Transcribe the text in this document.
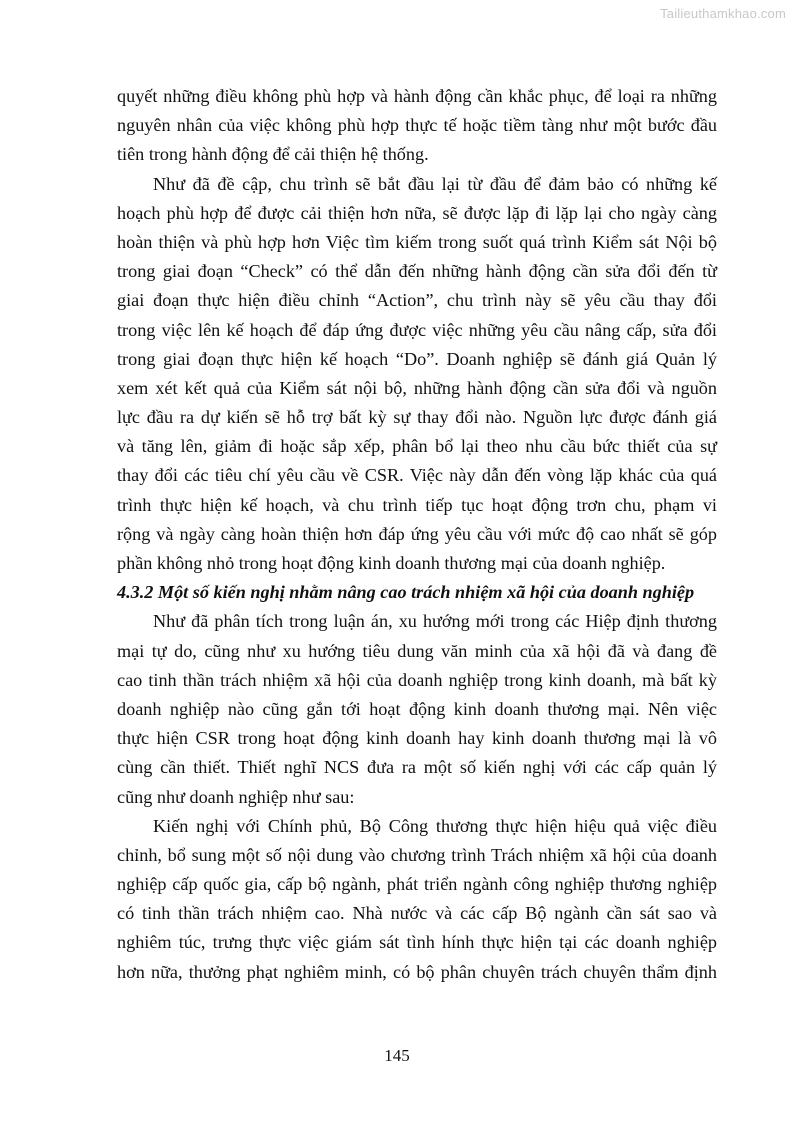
Tailieuthamkhao.com
quyết những điều không phù hợp và hành động cần khắc phục, để loại ra những
nguyên nhân của việc không phù hợp thực tế hoặc tiềm tàng như một bước đầu
tiên trong hành động để cải thiện hệ thống.
Như đã đề cập, chu trình sẽ bắt đầu lại từ đầu để đảm bảo có những kế
hoạch phù hợp để được cải thiện hơn nữa, sẽ được lặp đi lặp lại cho ngày càng
hoàn thiện và phù hợp hơn Việc tìm kiếm trong suốt quá trình Kiểm sát Nội bộ
trong giai đoạn “Check” có thể dẫn đến những hành động cần sửa đổi đến từ
giai đoạn thực hiện điều chỉnh “Action”, chu trình này sẽ yêu cầu thay đổi
trong việc lên kế hoạch để đáp ứng được việc những yêu cầu nâng cấp, sửa đổi
trong giai đoạn thực hiện kế hoạch “Do”. Doanh nghiệp sẽ đánh giá Quản lý
xem xét kết quả của Kiểm sát nội bộ, những hành động cần sửa đổi và nguồn
lực đầu ra dự kiến sẽ hỗ trợ bất kỳ sự thay đổi nào. Nguồn lực được đánh giá
và tăng lên, giảm đi hoặc sắp xếp, phân bổ lại theo nhu cầu bức thiết của sự
thay đổi các tiêu chí yêu cầu về CSR. Việc này dẫn đến vòng lặp khác của quá
trình thực hiện kế hoạch, và chu trình tiếp tục hoạt động trơn chu, phạm vi
rộng và ngày càng hoàn thiện hơn đáp ứng yêu cầu với mức độ cao nhất sẽ góp
phần không nhỏ trong hoạt động kinh doanh thương mại của doanh nghiệp.
4.3.2 Một số kiến nghị nhằm nâng cao trách nhiệm xã hội của doanh nghiệp
Như đã phân tích trong luận án, xu hướng mới trong các Hiệp định thương
mại tự do, cũng như xu hướng tiêu dung văn minh của xã hội đã và đang đề
cao tinh thần trách nhiệm xã hội của doanh nghiệp trong kinh doanh, mà bất kỳ
doanh nghiệp nào cũng gắn tới hoạt động kinh doanh thương mại. Nên việc
thực hiện CSR trong hoạt động kinh doanh hay kinh doanh thương mại là vô
cùng cần thiết. Thiết nghĩ NCS đưa ra một số kiến nghị với các cấp quản lý
cũng như doanh nghiệp như sau:
Kiến nghị với Chính phủ, Bộ Công thương thực hiện hiệu quả việc điều
chỉnh, bổ sung một số nội dung vào chương trình Trách nhiệm xã hội của doanh
nghiệp cấp quốc gia, cấp bộ ngành, phát triển ngành công nghiệp thương nghiệp
có tinh thần trách nhiệm cao. Nhà nước và các cấp Bộ ngành cần sát sao và
nghiêm túc, trưng thực việc giám sát tình hính thực hiện tại các doanh nghiệp
hơn nữa, thưởng phạt nghiêm minh, có bộ phân chuyên trách chuyên thẩm định
145
